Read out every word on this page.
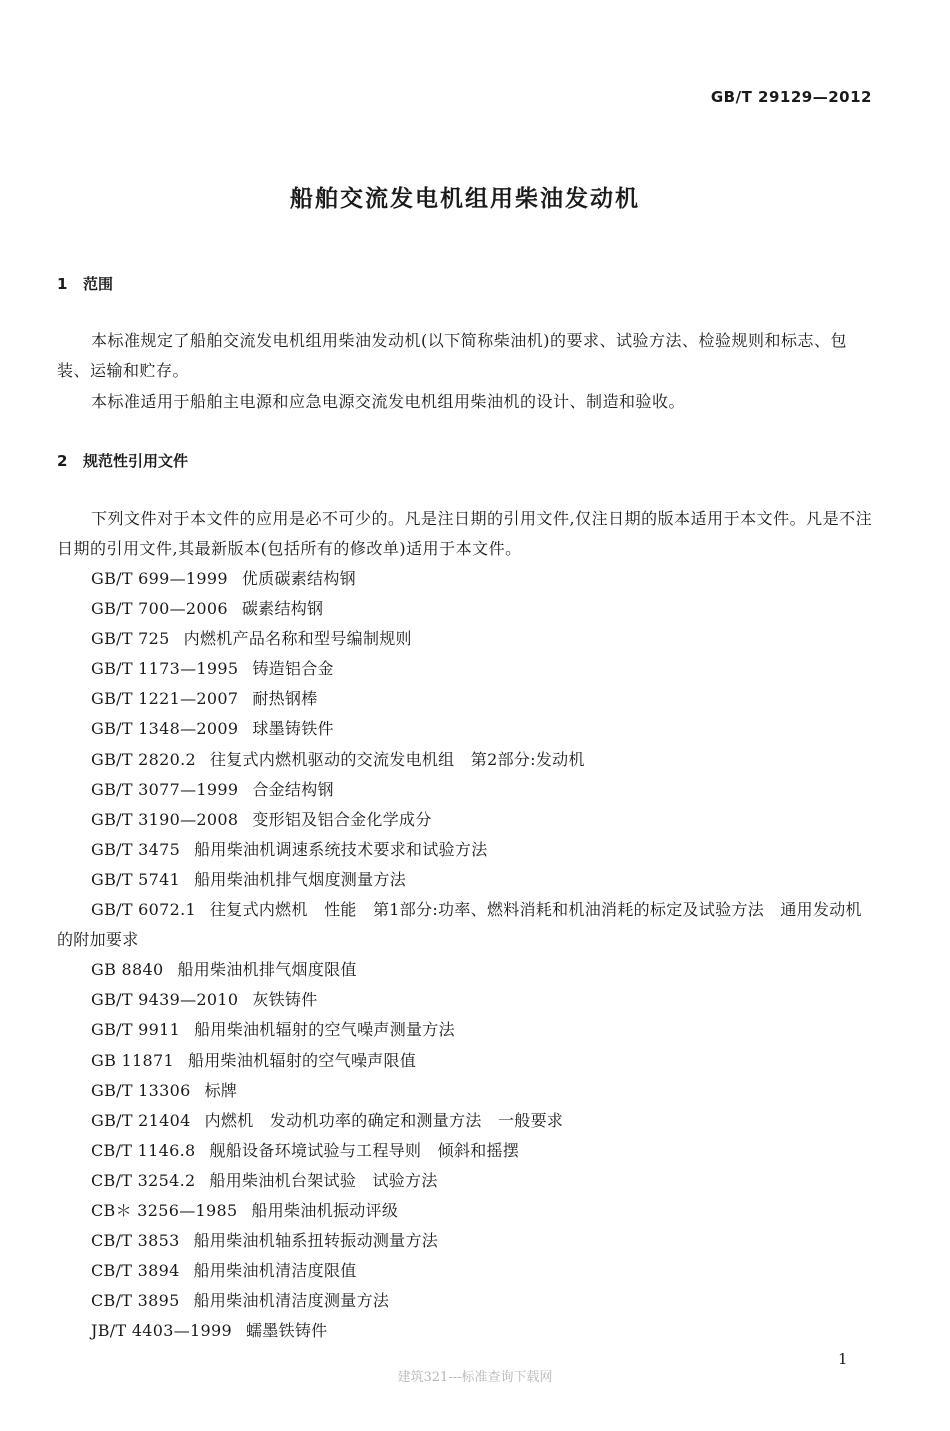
GB/T 29129—2012
船舶交流发电机组用柴油发动机
1 范围
本标准规定了船舶交流发电机组用柴油发动机(以下简称柴油机)的要求、试验方法、检验规则和标志、包装、运输和贮存。
本标准适用于船舶主电源和应急电源交流发电机组用柴油机的设计、制造和验收。
2 规范性引用文件
下列文件对于本文件的应用是必不可少的。凡是注日期的引用文件,仅注日期的版本适用于本文件。凡是不注日期的引用文件,其最新版本(包括所有的修改单)适用于本文件。
GB/T 699—1999 优质碳素结构钢
GB/T 700—2006 碳素结构钢
GB/T 725 内燃机产品名称和型号编制规则
GB/T 1173—1995 铸造铝合金
GB/T 1221—2007 耐热钢棒
GB/T 1348—2009 球墨铸铁件
GB/T 2820.2 往复式内燃机驱动的交流发电机组　第2部分:发动机
GB/T 3077—1999 合金结构钢
GB/T 3190—2008 变形铝及铝合金化学成分
GB/T 3475 船用柴油机调速系统技术要求和试验方法
GB/T 5741 船用柴油机排气烟度测量方法
GB/T 6072.1 往复式内燃机　性能　第1部分:功率、燃料消耗和机油消耗的标定及试验方法　通用发动机的附加要求
GB 8840 船用柴油机排气烟度限值
GB/T 9439—2010 灰铁铸件
GB/T 9911 船用柴油机辐射的空气噪声测量方法
GB 11871 船用柴油机辐射的空气噪声限值
GB/T 13306 标牌
GB/T 21404 内燃机　发动机功率的确定和测量方法　一般要求
CB/T 1146.8 舰船设备环境试验与工程导则　倾斜和摇摆
CB/T 3254.2 船用柴油机台架试验　试验方法
CB＊ 3256—1985 船用柴油机振动评级
CB/T 3853 船用柴油机轴系扭转振动测量方法
CB/T 3894 船用柴油机清洁度限值
CB/T 3895 船用柴油机清洁度测量方法
JB/T 4403—1999 蠕墨铁铸件
1
建筑321---标准查询下载网
